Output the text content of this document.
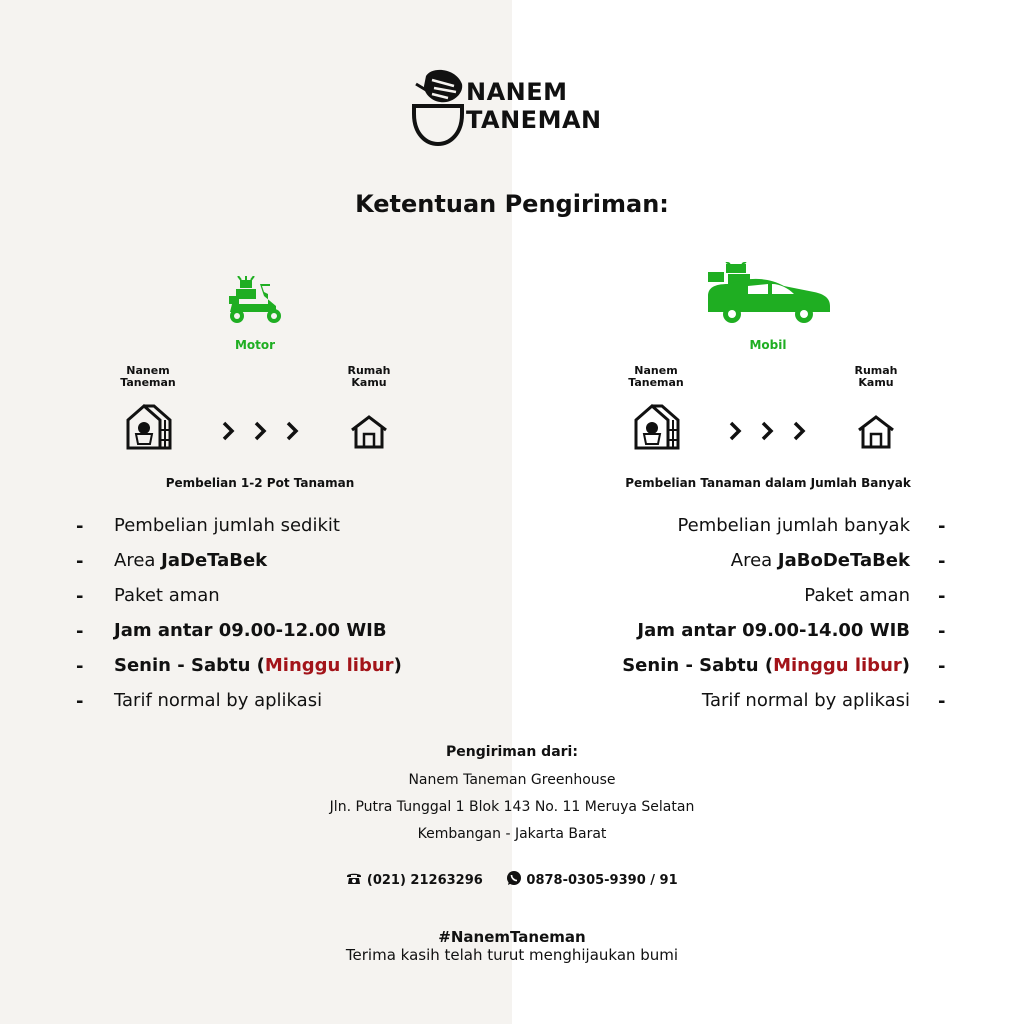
NANEM
TANEMAN
Ketentuan Pengiriman:
Motor
Nanem Taneman
Rumah Kamu
Pembelian 1-2 Pot Tanaman
-
-
-
-
-
-
Pembelian jumlah sedikit
Area JaDeTaBek
Paket aman
Jam antar 09.00-12.00 WIB
Senin - Sabtu (Minggu libur)
Tarif normal by aplikasi
Mobil
Nanem Taneman
Rumah Kamu
Pembelian Tanaman dalam Jumlah Banyak
Pembelian jumlah banyak
Area JaBoDeTaBek
Paket aman
Jam antar 09.00-14.00 WIB
Senin - Sabtu (Minggu libur)
Tarif normal by aplikasi
-
-
-
-
-
-
Pengiriman dari:
Nanem Taneman Greenhouse
Jln. Putra Tunggal 1 Blok 143 No. 11 Meruya Selatan
Kembangan - Jakarta Barat
(021) 21263296	0878-0305-9390 / 91
#NanemTaneman
Terima kasih telah turut menghijaukan bumi
